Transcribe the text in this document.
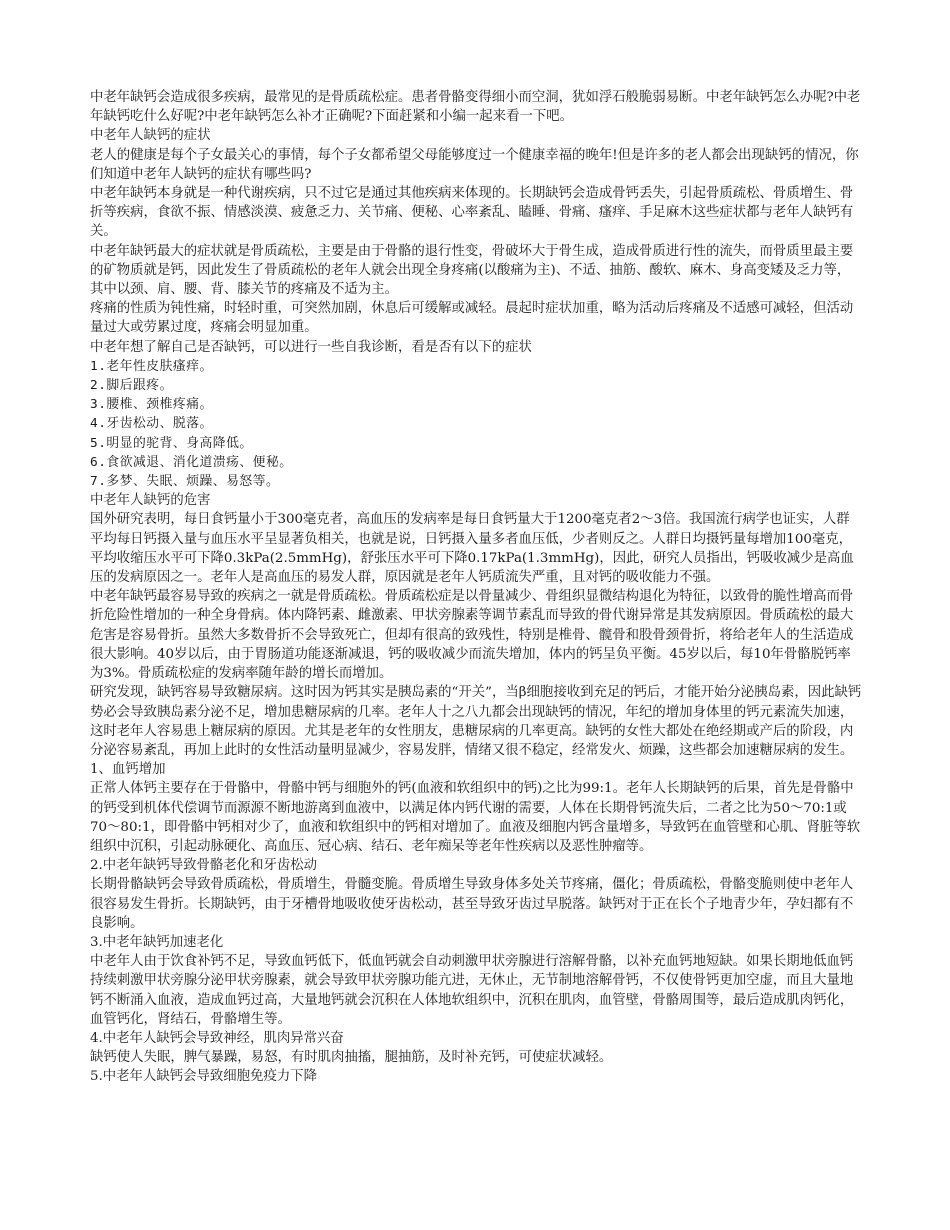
中老年缺钙会造成很多疾病，最常见的是骨质疏松症。患者骨骼变得细小而空洞，犹如浮石般脆弱易断。中老年缺钙怎么办呢?中老年缺钙吃什么好呢?中老年缺钙怎么补才正确呢?下面赶紧和小编一起来看一下吧。

中老年人缺钙的症状

老人的健康是每个子女最关心的事情，每个子女都希望父母能够度过一个健康幸福的晚年!但是许多的老人都会出现缺钙的情况，你们知道中老年人缺钙的症状有哪些吗?

中老年缺钙本身就是一种代谢疾病，只不过它是通过其他疾病来体现的。长期缺钙会造成骨钙丢失，引起骨质疏松、骨质增生、骨折等疾病，食欲不振、情感淡漠、疲惫乏力、关节痛、便秘、心率紊乱、瞌睡、骨痛、瘙痒、手足麻木这些症状都与老年人缺钙有关。

中老年缺钙最大的症状就是骨质疏松，主要是由于骨骼的退行性变，骨破坏大于骨生成，造成骨质进行性的流失，而骨质里最主要的矿物质就是钙，因此发生了骨质疏松的老年人就会出现全身疼痛(以酸痛为主)、不适、抽筋、酸软、麻木、身高变矮及乏力等，其中以颈、肩、腰、背、膝关节的疼痛及不适为主。

疼痛的性质为钝性痛，时轻时重，可突然加剧，休息后可缓解或减轻。晨起时症状加重，略为活动后疼痛及不适感可减轻，但活动量过大或劳累过度，疼痛会明显加重。

中老年想了解自己是否缺钙，可以进行一些自我诊断，看是否有以下的症状

1.老年性皮肤瘙痒。

2.脚后跟疼。

3.腰椎、颈椎疼痛。

4.牙齿松动、脱落。

5.明显的驼背、身高降低。

6.食欲减退、消化道溃疡、便秘。

7.多梦、失眠、烦躁、易怒等。

中老年人缺钙的危害

国外研究表明，每日食钙量小于300毫克者，高血压的发病率是每日食钙量大于1200毫克者2～3倍。我国流行病学也证实，人群平均每日钙摄入量与血压水平呈显著负相关，也就是说，日钙摄入量多者血压低，少者则反之。人群日均摄钙量每增加100毫克，平均收缩压水平可下降0.3kPa(2.5mmHg)，舒张压水平可下降0.17kPa(1.3mmHg)，因此，研究人员指出，钙吸收减少是高血压的发病原因之一。老年人是高血压的易发人群，原因就是老年人钙质流失严重，且对钙的吸收能力不强。

中老年缺钙最容易导致的疾病之一就是骨质疏松。骨质疏松症是以骨量减少、骨组织显微结构退化为特征，以致骨的脆性增高而骨折危险性增加的一种全身骨病。体内降钙素、雌激素、甲状旁腺素等调节素乱而导致的骨代谢异常是其发病原因。骨质疏松的最大危害是容易骨折。虽然大多数骨折不会导致死亡，但却有很高的致残性，特别是椎骨、髋骨和股骨颈骨折，将给老年人的生活造成很大影响。40岁以后，由于胃肠道功能逐渐减退，钙的吸收减少而流失增加，体内的钙呈负平衡。45岁以后，每10年骨骼脱钙率为3%。骨质疏松症的发病率随年龄的增长而增加。

研究发现，缺钙容易导致糖尿病。这时因为钙其实是胰岛素的“开关”，当β细胞接收到充足的钙后，才能开始分泌胰岛素，因此缺钙势必会导致胰岛素分泌不足，增加患糖尿病的几率。老年人十之八九都会出现缺钙的情况，年纪的增加身体里的钙元素流失加速，这时老年人容易患上糖尿病的原因。尤其是老年的女性朋友，患糖尿病的几率更高。缺钙的女性大都处在绝经期或产后的阶段，内分泌容易紊乱，再加上此时的女性活动量明显减少，容易发胖，情绪又很不稳定，经常发火、烦躁，这些都会加速糖尿病的发生。

1、血钙增加

正常人体钙主要存在于骨骼中，骨骼中钙与细胞外的钙(血液和软组织中的钙)之比为99:1。老年人长期缺钙的后果，首先是骨骼中的钙受到机体代偿调节而源源不断地游离到血液中，以满足体内钙代谢的需要，人体在长期骨钙流失后，二者之比为50～70:1或70～80:1，即骨骼中钙相对少了，血液和软组织中的钙相对增加了。血液及细胞内钙含量增多，导致钙在血管壁和心肌、肾脏等软组织中沉积，引起动脉硬化、高血压、冠心病、结石、老年痴呆等老年性疾病以及恶性肿瘤等。

2.中老年缺钙导致骨骼老化和牙齿松动

长期骨骼缺钙会导致骨质疏松，骨质增生，骨髓变脆。骨质增生导致身体多处关节疼痛，僵化；骨质疏松，骨骼变脆则使中老年人很容易发生骨折。长期缺钙，由于牙槽骨地吸收使牙齿松动，甚至导致牙齿过早脱落。缺钙对于正在长个子地青少年，孕妇都有不良影响。

3.中老年缺钙加速老化

中老年人由于饮食补钙不足，导致血钙低下，低血钙就会自动刺激甲状旁腺进行溶解骨骼，以补充血钙地短缺。如果长期地低血钙持续刺激甲状旁腺分泌甲状旁腺素，就会导致甲状旁腺功能亢进，无休止，无节制地溶解骨钙，不仅使骨钙更加空虚，而且大量地钙不断涌入血液，造成血钙过高，大量地钙就会沉积在人体地软组织中，沉积在肌肉，血管壁，骨骼周围等，最后造成肌肉钙化，血管钙化，肾结石，骨骼增生等。

4.中老年人缺钙会导致神经，肌肉异常兴奋

缺钙使人失眠，脾气暴躁，易怒，有时肌肉抽搐，腿抽筋，及时补充钙，可使症状减轻。

5.中老年人缺钙会导致细胞免疫力下降
